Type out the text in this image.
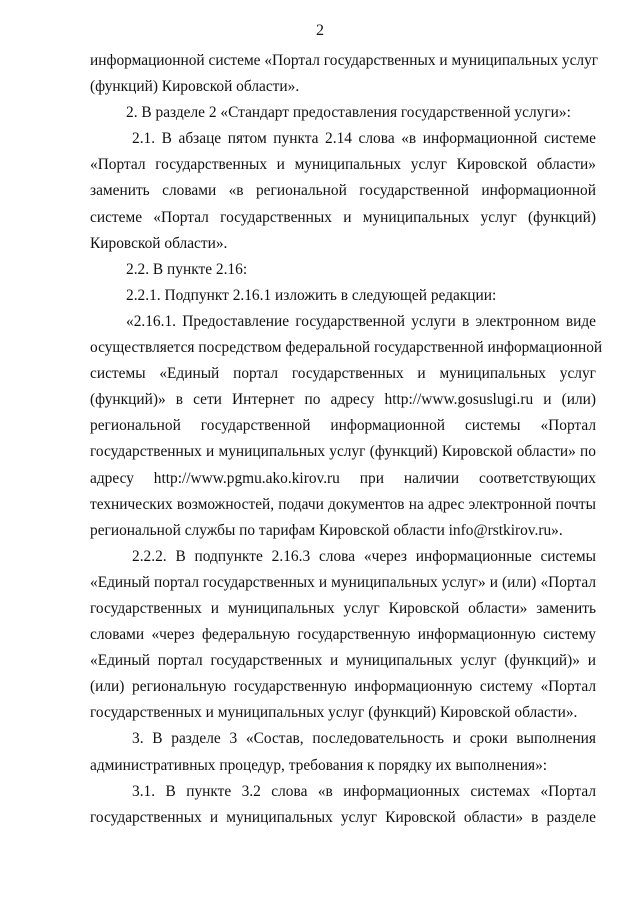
2
информационной системе «Портал государственных и муниципальных услуг
(функций) Кировской области».
2. В разделе 2 «Стандарт предоставления государственной услуги»:
2.1. В абзаце пятом пункта 2.14 слова «в информационной системе
«Портал государственных и муниципальных услуг Кировской области»
заменить словами «в региональной государственной информационной
системе «Портал государственных и муниципальных услуг (функций)
Кировской области».
2.2. В пункте 2.16:
2.2.1. Подпункт 2.16.1 изложить в следующей редакции:
«2.16.1. Предоставление государственной услуги в электронном виде
осуществляется посредством федеральной государственной информационной
системы «Единый портал государственных и муниципальных услуг
(функций)» в сети Интернет по адресу http://www.gosuslugi.ru и (или)
региональной государственной информационной системы «Портал
государственных и муниципальных услуг (функций) Кировской области» по
адресу http://www.pgmu.ako.kirov.ru при наличии соответствующих
технических возможностей, подачи документов на адрес электронной почты
региональной службы по тарифам Кировской области info@rstkirov.ru».
2.2.2. В подпункте 2.16.3 слова «через информационные системы
«Единый портал государственных и муниципальных услуг» и (или) «Портал
государственных и муниципальных услуг Кировской области» заменить
словами «через федеральную государственную информационную систему
«Единый портал государственных и муниципальных услуг (функций)» и
(или) региональную государственную информационную систему «Портал
государственных и муниципальных услуг (функций) Кировской области».
3. В разделе 3 «Состав, последовательность и сроки выполнения
административных процедур, требования к порядку их выполнения»:
3.1. В пункте 3.2 слова «в информационных системах «Портал
государственных и муниципальных услуг Кировской области» в разделе
